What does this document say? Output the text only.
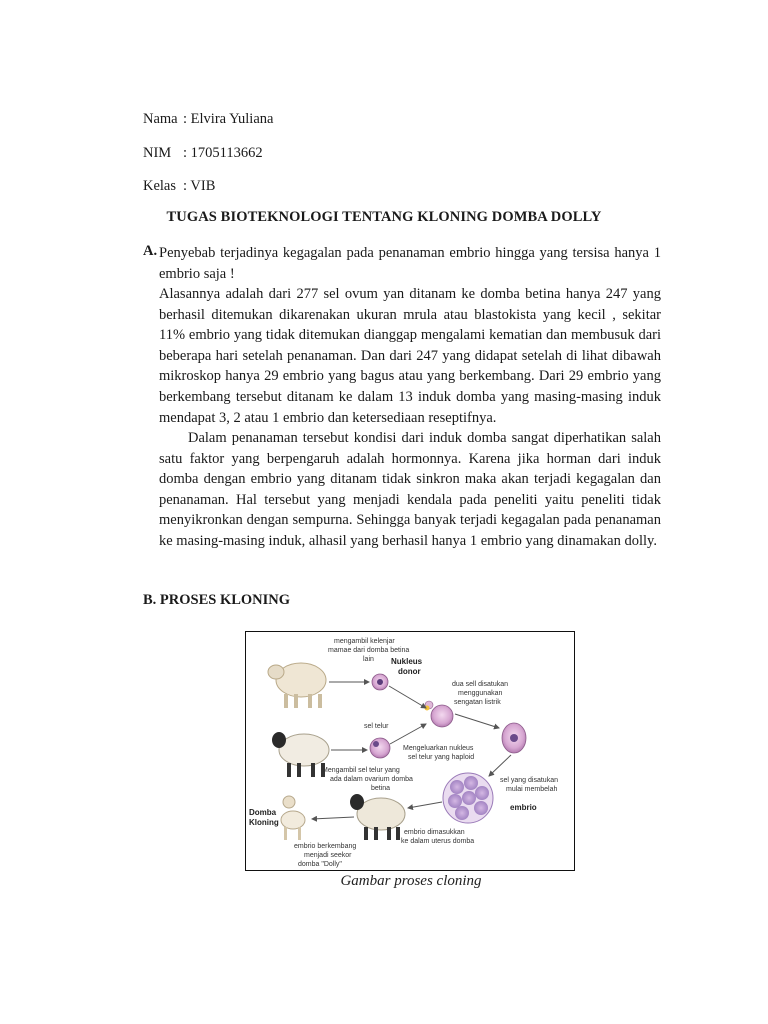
Nama : Elvira Yuliana
NIM : 1705113662
Kelas : VIB
TUGAS BIOTEKNOLOGI TENTANG KLONING DOMBA DOLLY
A. Penyebab terjadinya kegagalan pada penanaman embrio hingga yang tersisa hanya 1 embrio saja !
Alasannya adalah dari 277 sel ovum yan ditanam ke domba betina hanya 247 yang berhasil ditemukan dikarenakan ukuran mrula atau blastokista yang kecil , sekitar 11% embrio yang tidak ditemukan dianggap mengalami kematian dan membusuk dari beberapa hari setelah penanaman. Dan dari 247 yang didapat setelah di lihat dibawah mikroskop hanya 29 embrio yang bagus atau yang berkembang. Dari 29 embrio yang berkembang tersebut ditanam ke dalam 13 induk domba yang masing-masing induk mendapat 3, 2 atau 1 embrio dan ketersediaan reseptifnya.
Dalam penanaman tersebut kondisi dari induk domba sangat diperhatikan salah satu faktor yang berpengaruh adalah hormonnya. Karena jika horman dari induk domba dengan embrio yang ditanam tidak sinkron maka akan terjadi kegagalan dan penanaman. Hal tersebut yang menjadi kendala pada peneliti yaitu peneliti tidak menyikronkan dengan sempurna. Sehingga banyak terjadi kegagalan pada penanaman ke masing-masing induk, alhasil yang berhasil hanya 1 embrio yang dinamakan dolly.
B. PROSES KLONING
mengambil kelenjar
mamae dari domba betina
lain Nukleus
donor
dua sell disatukan
menggunakan
sengatan listrik
sel telur
Mengeluarkan nukleus
sel telur yang haploid
Mengambil sel telur yang
ada dalam ovarium domba
betina
sel yang disatukan
mulai membelah
embrio
Domba
Kloning
embrio dimasukkan
ke dalam uterus domba
embrio berkembang
menjadi seekor
domba "Dolly"
Gambar proses cloning
